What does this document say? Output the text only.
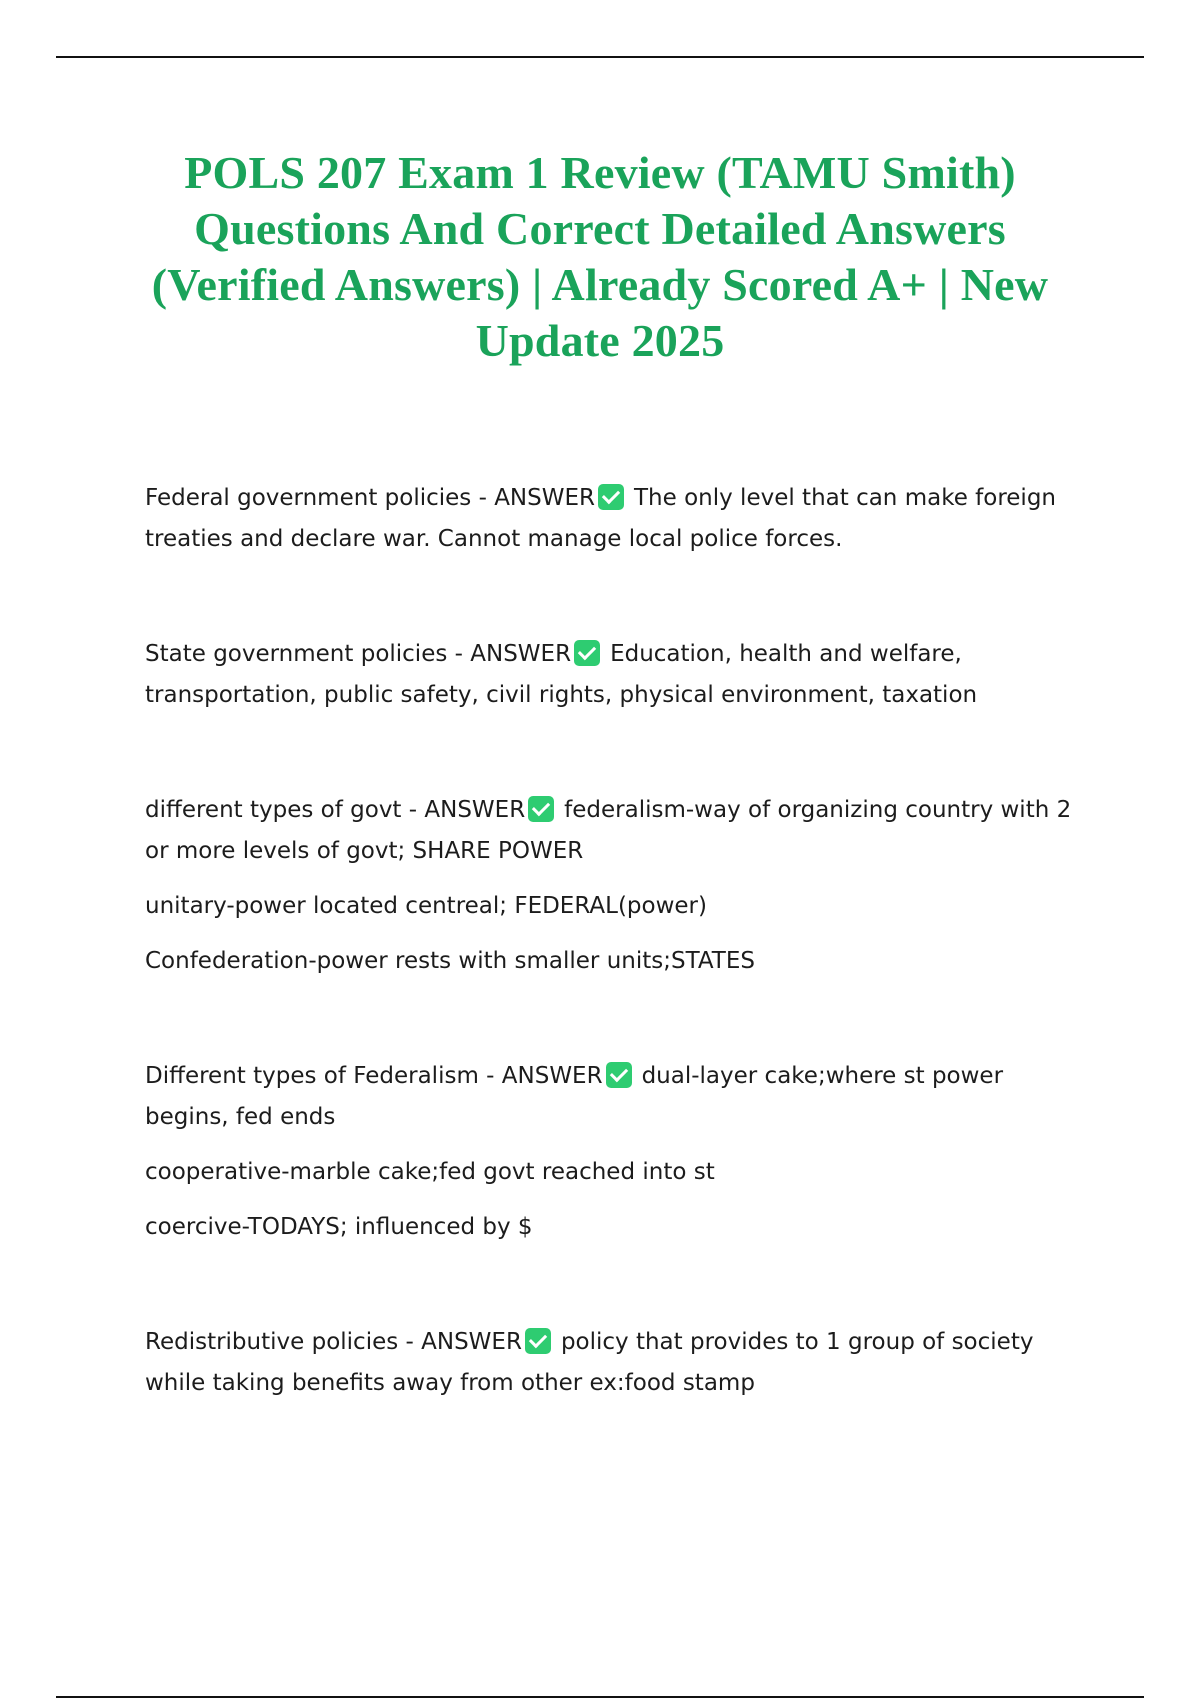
POLS 207 Exam 1 Review (TAMU Smith) Questions And Correct Detailed Answers (Verified Answers) | Already Scored A+ | New Update 2025

Federal government policies - ANSWER The only level that can make foreign treaties and declare war. Cannot manage local police forces.

State government policies - ANSWER Education, health and welfare, transportation, public safety, civil rights, physical environment, taxation

different types of govt - ANSWER federalism-way of organizing country with 2 or more levels of govt; SHARE POWER

unitary-power located centreal; FEDERAL(power)

Confederation-power rests with smaller units;STATES

Different types of Federalism - ANSWER dual-layer cake;where st power begins, fed ends

cooperative-marble cake;fed govt reached into st

coercive-TODAYS; influenced by $

Redistributive policies - ANSWER policy that provides to 1 group of society while taking benefits away from other ex:food stamp
